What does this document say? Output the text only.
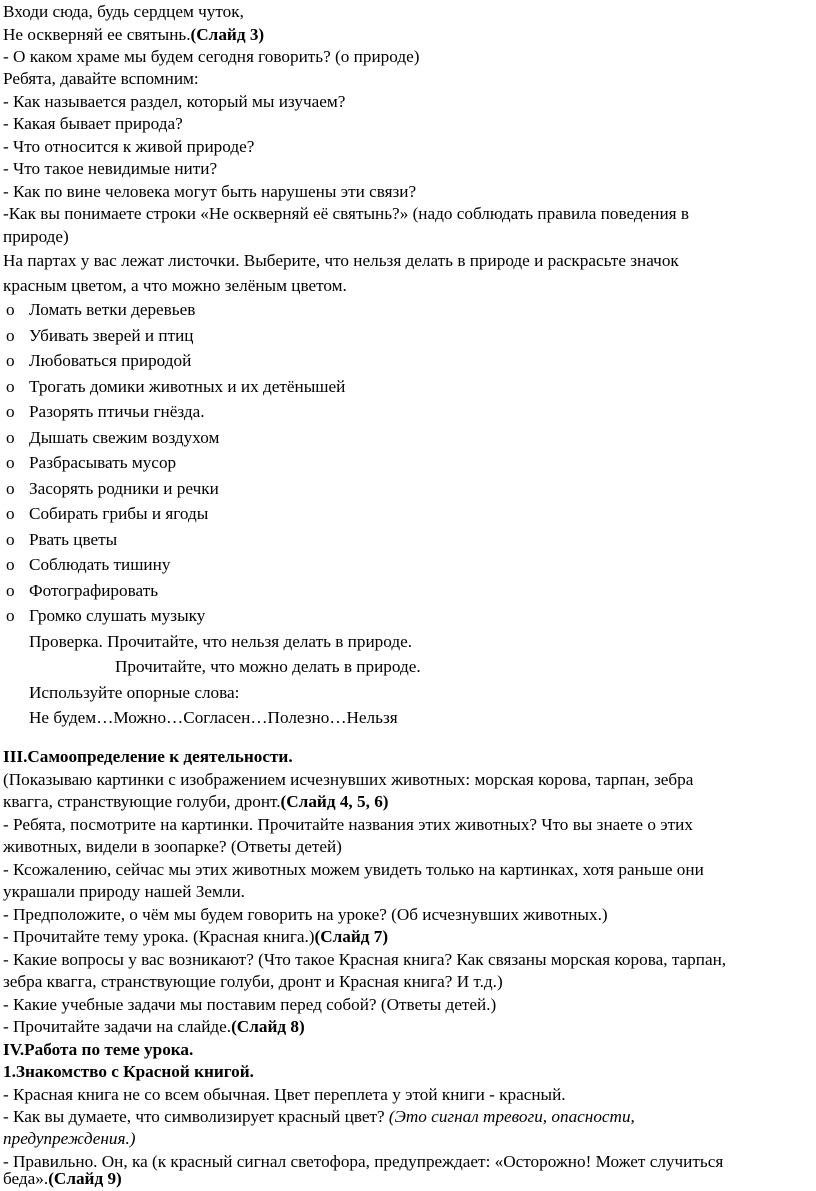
Входи сюда, будь сердцем чуток,
Не оскверняй ее святынь.(Слайд 3)
- О каком храме мы будем сегодня говорить? (о природе)
Ребята, давайте вспомним:
- Как называется раздел, который мы изучаем?
- Какая бывает природа?
- Что относится к живой природе?
- Что такое невидимые нити?
- Как по вине человека могут быть нарушены эти связи?
-Как вы понимаете строки «Не оскверняй её святынь?» (надо соблюдать правила поведения в
природе)
На партах у вас лежат листочки. Выберите, что нельзя делать в природе и раскрасьте значок
красным цветом, а что можно зелёным цветом.
o Ломать ветки деревьев
o Убивать зверей и птиц
o Любоваться природой
o Трогать домики животных и их детёнышей
o Разорять птичьи гнёзда.
o Дышать свежим воздухом
o Разбрасывать мусор
o Засорять родники и речки
o Собирать грибы и ягоды
o Рвать цветы
o Соблюдать тишину
o Фотографировать
o Громко слушать музыку
Проверка. Прочитайте, что нельзя делать в природе.
Прочитайте, что можно делать в природе.
Используйте опорные слова:
Не будем…Можно…Согласен…Полезно…Нельзя
III.Самоопределение к деятельности.
(Показываю картинки с изображением исчезнувших животных: морская корова, тарпан, зебра
квагга, странствующие голуби, дронт.(Слайд 4, 5, 6)
- Ребята, посмотрите на картинки. Прочитайте названия этих животных? Что вы знаете о этих
животных, видели в зоопарке? (Ответы детей)
- Ксожалению, сейчас мы этих животных можем увидеть только на картинках, хотя раньше они
украшали природу нашей Земли.
- Предположите, о чём мы будем говорить на уроке? (Об исчезнувших животных.)
- Прочитайте тему урока. (Красная книга.)(Слайд 7)
- Какие вопросы у вас возникают? (Что такое Красная книга? Как связаны морская корова, тарпан,
зебра квагга, странствующие голуби, дронт и Красная книга? И т.д.)
- Какие учебные задачи мы поставим перед собой? (Ответы детей.)
- Прочитайте задачи на слайде.(Слайд 8)
IV.Работа по теме урока.
1.Знакомство с Красной книгой.
- Красная книга не со всем обычная. Цвет переплета у этой книги - красный.
- Как вы думаете, что символизирует красный цвет? (Это сигнал тревоги, опасности,
предупреждения.)
- Правильно. Он, ка (к красный сигнал светофора, предупреждает: «Осторожно! Может случиться
беда».(Слайд 9)
